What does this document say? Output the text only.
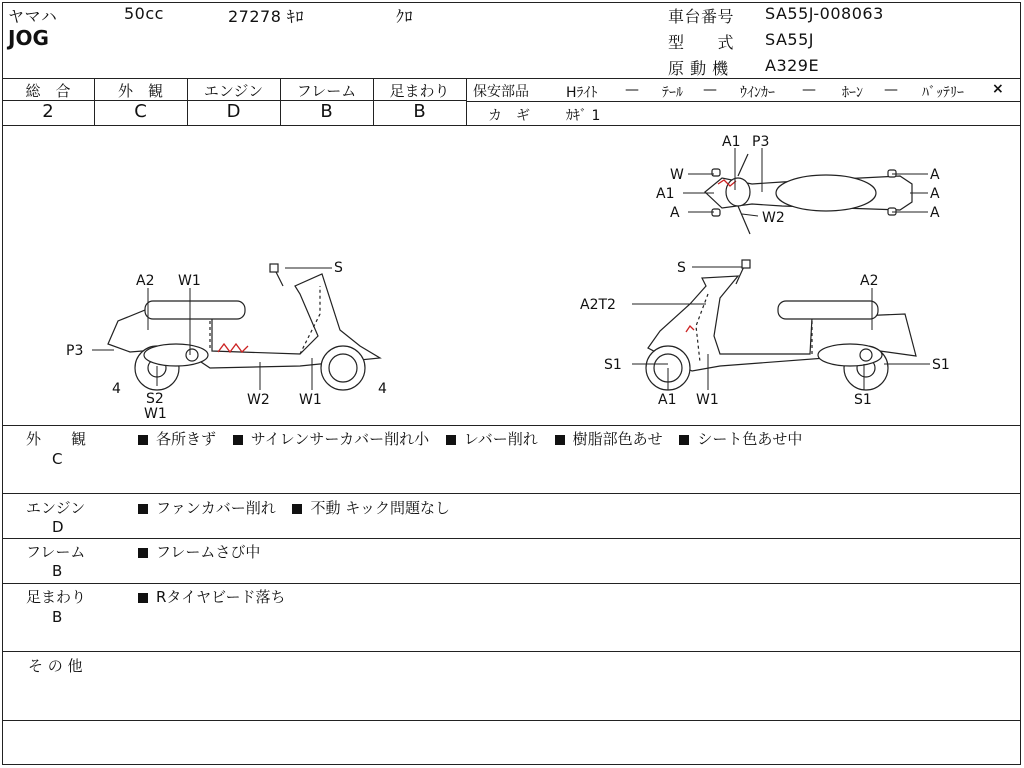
ヤマハ	50cc	27278 ｷﾛ	ｸﾛ
JOG
車台番号 SA55J-008063
型　　式 SA55J
原 動 機 A329E
総　合	外　観	エンジン	フレーム	足まわり
2	C	D	B	B
保安部品	Hﾗｲﾄ — ﾃｰﾙ — ｳｲﾝｶｰ — ﾎｰﾝ — ﾊﾞｯﾃﾘｰ ×
カ　ギ	ｶｷﾞ 1
A1 P3
W
A1
A	W2
A
A
A
S
A2 W1
P3
4
S2
W1
W2 W1
4
S
A2T2
A2
S1	S1
A1 W1	S1
外　　観
C
各所きず サイレンサーカバー削れ小 レバー削れ 樹脂部色あせ シート色あせ中
エンジン
D
ファンカバー削れ 不動 キック問題なし
フレーム
B
フレームさび中
足まわり
B
Rタイヤビード落ち
そ の 他
